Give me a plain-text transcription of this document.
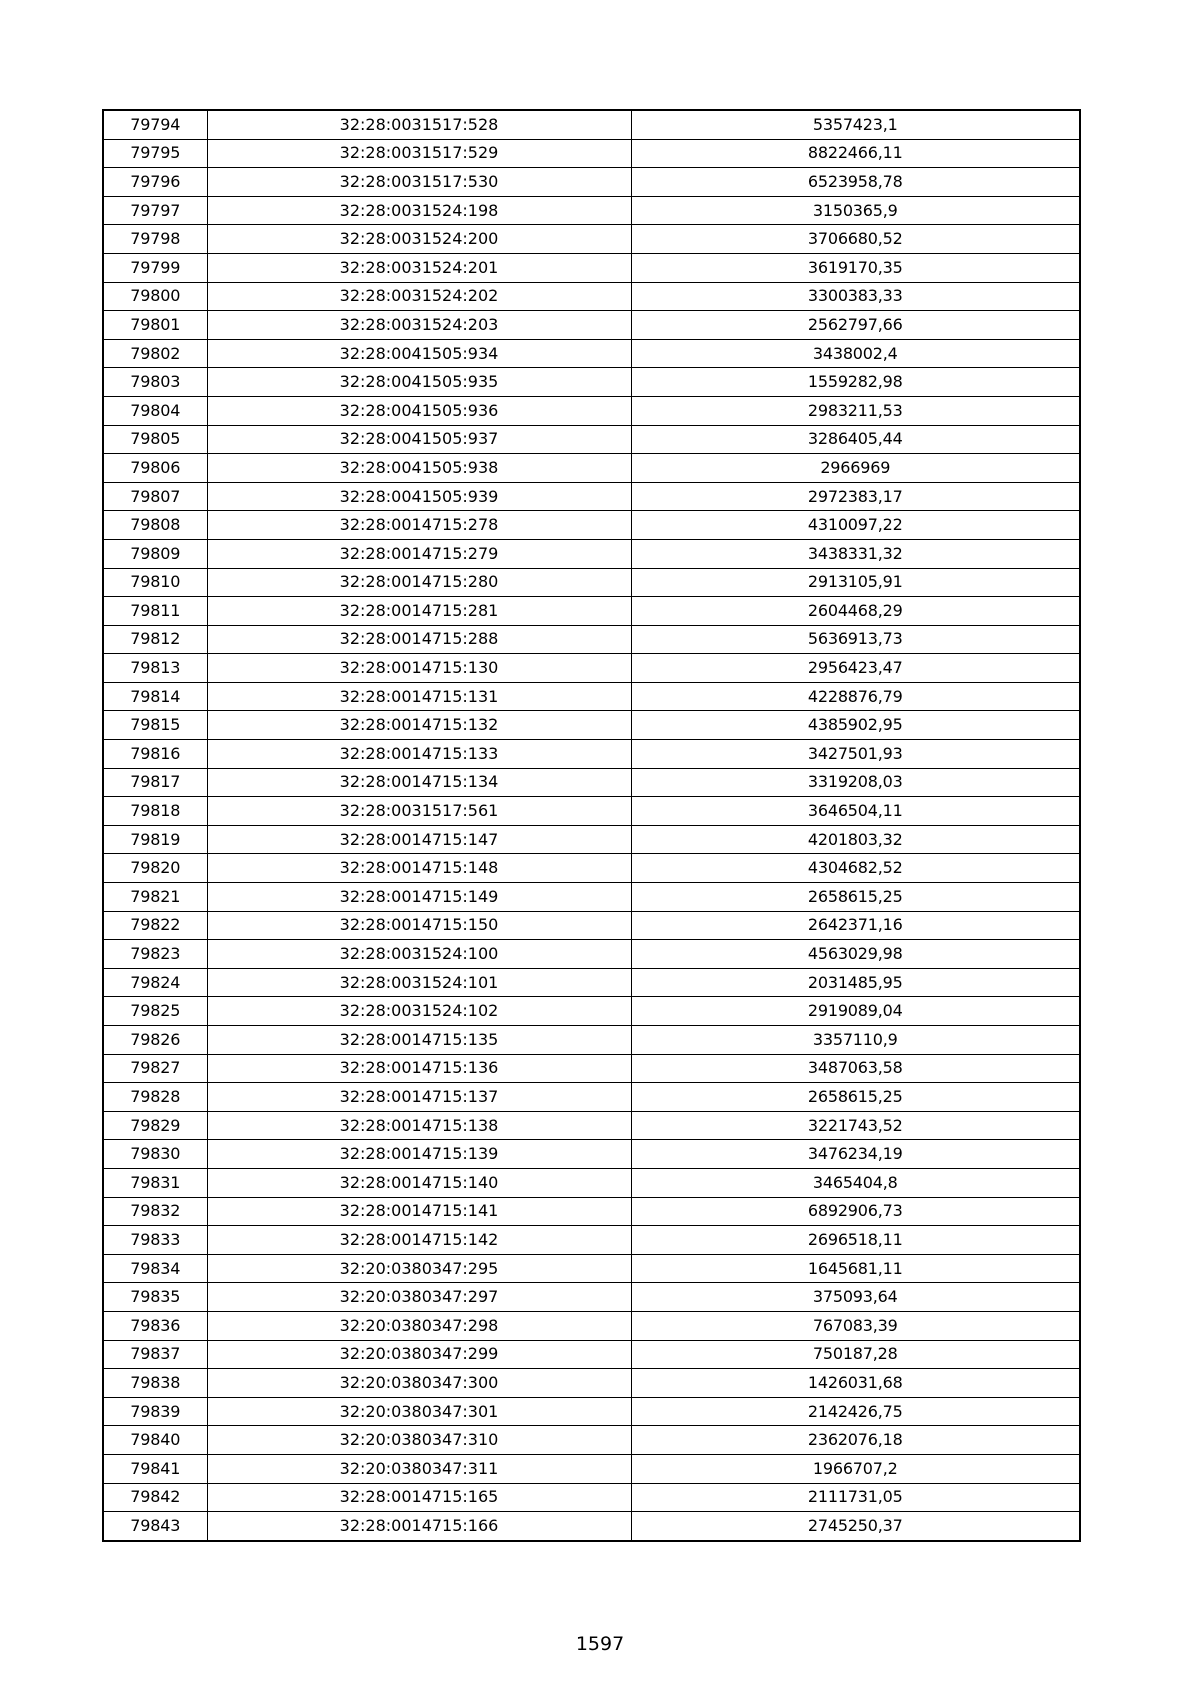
79794	32:28:0031517:528	5357423,1
79795	32:28:0031517:529	8822466,11
79796	32:28:0031517:530	6523958,78
79797	32:28:0031524:198	3150365,9
79798	32:28:0031524:200	3706680,52
79799	32:28:0031524:201	3619170,35
79800	32:28:0031524:202	3300383,33
79801	32:28:0031524:203	2562797,66
79802	32:28:0041505:934	3438002,4
79803	32:28:0041505:935	1559282,98
79804	32:28:0041505:936	2983211,53
79805	32:28:0041505:937	3286405,44
79806	32:28:0041505:938	2966969
79807	32:28:0041505:939	2972383,17
79808	32:28:0014715:278	4310097,22
79809	32:28:0014715:279	3438331,32
79810	32:28:0014715:280	2913105,91
79811	32:28:0014715:281	2604468,29
79812	32:28:0014715:288	5636913,73
79813	32:28:0014715:130	2956423,47
79814	32:28:0014715:131	4228876,79
79815	32:28:0014715:132	4385902,95
79816	32:28:0014715:133	3427501,93
79817	32:28:0014715:134	3319208,03
79818	32:28:0031517:561	3646504,11
79819	32:28:0014715:147	4201803,32
79820	32:28:0014715:148	4304682,52
79821	32:28:0014715:149	2658615,25
79822	32:28:0014715:150	2642371,16
79823	32:28:0031524:100	4563029,98
79824	32:28:0031524:101	2031485,95
79825	32:28:0031524:102	2919089,04
79826	32:28:0014715:135	3357110,9
79827	32:28:0014715:136	3487063,58
79828	32:28:0014715:137	2658615,25
79829	32:28:0014715:138	3221743,52
79830	32:28:0014715:139	3476234,19
79831	32:28:0014715:140	3465404,8
79832	32:28:0014715:141	6892906,73
79833	32:28:0014715:142	2696518,11
79834	32:20:0380347:295	1645681,11
79835	32:20:0380347:297	375093,64
79836	32:20:0380347:298	767083,39
79837	32:20:0380347:299	750187,28
79838	32:20:0380347:300	1426031,68
79839	32:20:0380347:301	2142426,75
79840	32:20:0380347:310	2362076,18
79841	32:20:0380347:311	1966707,2
79842	32:28:0014715:165	2111731,05
79843	32:28:0014715:166	2745250,37
1597
